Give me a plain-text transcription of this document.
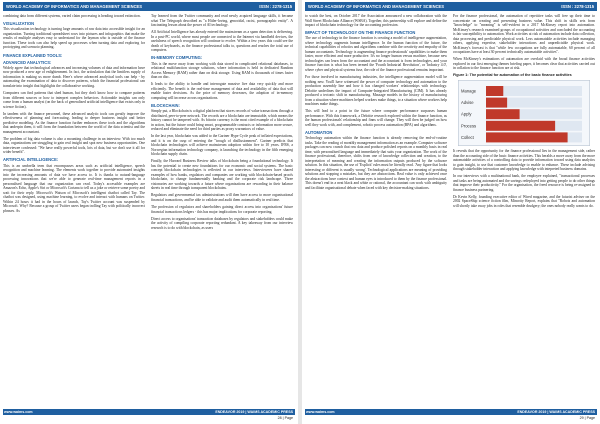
WORLD ACADEMY OF INFORMATICS AND MANAGEMENT SCIENCES	ISSN : 2278-1315

combining data from different systems, varied claim processing is heading toward extinction.

VISUALIZATION

This visualization technology is turning large amounts of raw data into accessible insight for an organization. Turning traditional spreadsheet rows into pictures and infographics that make the results of multiple analyses easy to understand for the layman who is outside of the finance function. These tools can also help speed up processes when turning data and exploring for prototyping and scenario planning.

FINANCE EXPLAINED TOOLS:
ADVANCED ANALYTICS:

Widely agree that technological advances and increasing volumes of data and information have now produced a new age of enlightenment. In fact, the articulation that the limitless supply of information is making us more dumb. Here's where advanced analytical tools can help - by automating the examination of data to discover patterns, which the financial professional can translate into insight that highlights the collaborative working.

Computers can find patterns that shed human, but they don't know how to compare patterns from different sources or how to interpret complex behaviors. Actionable insights can only come from a human analyst (on the back of generalized artificial intelligence that exists only in science fiction).

In tandem with the finance personnel, these advanced analytic tools can greatly improve the effectiveness of planning and forecasting, leading to deeper business insight and better predictive modeling. As the finance function further embraces these tools and the algorithms that underpin them, it will form the foundation between the world of the data scientist and the management accountant.

The problem of big data volume is also a mounting challenge in an interview. With too much data, organizations are struggling to gain real insight and spot new business opportunities. One interviewee confessed: "We have really powerful tools, lots of data, but we don't use it all for wider benefit".

ARTIFICIAL INTELLIGENCE:

This is an umbrella term that encompasses areas such as artificial intelligence, speech recognition and machine learning. The elements work together to provide automated insights into the increasing amounts of data we have access to. It is thanks to natural-language processing innovations that we're able to generate real-time management reports in a personalised language that our organization can read. Today's accessible examples are Amazon's Echo, Apple's Siri or Microsoft's Cortana to tell us a joke or retrieve some poetry and wait for their reply. Microsoft's Watson of Microsoft's intelligent chatbot called Tay. The chatbot was designed, using machine learning, to evolve and interact with humans on Twitter. Within 24 hours it had in the hours of launch, Tay's Twitter account was suspended by Microsoft. Why? Because a group of Twitter users began trolling Tay with politically incorrect phrases. As

Tay learned from the Twitter community and read newly acquired language skills, it became what The Telegraph described as "a Hitler-loving, genocidal, racist, pornographic entity". A fascinating lesson about the power of AI technology.

All Artificial Intelligence has already entered the mainstream as a spam detection is delivering. In a post-PC world, where most people are connected to the Internet via handheld devices, the usefulness of speech recognition will continue to evolve. Within a few years this could see the death of keyboards, as the finance professional talks to, questions and reaches the total use of computers.

IN-MEMORY COMPUTING:

This is the move away from working with data stored in complicated relational databases, to relational multifunction storage solutions, where information is held in dedicated Random Access Memory (RAM) rather than on disk storage. Using RAM is thousands of times faster than on disc.

It leads to the ability to handle and interrogate massive live data very quickly and more efficiently. The benefit is the real-time management of data and availability of data that will enable faster decisions. As the price of memory decreases, the adoption of in-memory computing will increase across organizations.

BLOCKCHAIN:

Simply put, a Blockchain is a digital platform that stores records of value transactions through a distributed, peer-to-peer network. The records are a blockchain are immutable, which means the history cannot be tampered with. As bitcoin currency is the most cited example of a blockchain in action, but the future could bring smart, programmable contracts or information more secure, reduced and eliminate the need for third parties as proxy warrantors of value.

In the last year, blockchain was added to the Gartner Hype Cycle peak of inflated expectations, and it is on the cusp of entering the "trough of disillusionment". Gartner predicts that blockchain technologies will achieve mainstream adoption within five to 10 years. IFRS, a Norwegian information technology company, is launching the technology in the fifth emerging blockchain supply chain.

Finally, the Harvard Business Review talks of blockchain being a foundational technology. It has the potential to create new foundations for our economic and social systems. The basic concept blockchain technologies is reflected in our interviews. Interviewees have shared examples of how banks, regulators and companies are working with blockchain-based proofs blockchain, to change fundamentally banking and the corporate risk landscape. Three visionaries are working towards a future where organizations are rewarding in their balance sheets in real time through transparent blockchains.

Regulators and governmental tax administrations will then have access to more organisational financial transactions, and be able to validate and audit them automatically in real time.

The profession of regulators and shareholders gaining direct access into organisations' future financial transactions ledgers - this has major implications for corporate reporting.

Direct access to organisations' transaction databases by regulators and stakeholders could make the activity of compiling corporate reporting redundant. A key takeaway from our interview research is to do with blockchain, as users

www.waims.com	ENDEAVOR 2019 | WAIMS ACADEMIC PRESS
28 | Page
WORLD ACADEMY OF INFORMATICS AND MANAGEMENT SCIENCES	ISSN : 2278-1315

to watch the best, on October 2017 the Association announced a new collaboration with the Wall Street Blockchain Alliance (WSBA). Together, this partnership will explore and define the impact of blockchain technology for the accounting profession.

IMPACT OF TECHNOLOGY ON THE FINANCE FUNCTION

The use of technology in the finance function is creating a model of intelligence augmentation, where technology augments human intelligence. In the human function of the future, the technical capabilities of robotics and algorithms combine with the creativity and empathy of the human accountants. Technology is augmenting finance professionals' capabilities to make them faster, more efficient and more productive. It's no longer human versus machine, because new technologies can learn from the accountant and the accountant is from technologies, and your finance function is what has been termed the 'Fourth Industrial Revolution', or 'Industry 4.0', where cyber and physical systems fuse, the role of the finance professional remains important.

For those involved in manufacturing industries, the intelligence augmentation model will be nothing new. You'll have witnessed the power of computer technology and automation to the production assembly line and how it has changed workers' relationships with technology. Deloitte underlines the impact of Computer-Integrated Manufacturing (CIM). It has already produced a tectonic shift in manufacturing. Massage models in the history of manufacturing from a situation where machines helped workers make things, to a situation where workers help machines make things.

This will lead to a point in the future where computer performance surpasses human performance. With this framework, a Deloitte research explored within the finance function, as the human professionals' relationship and finns will change. They will then be judged on how well they work with, and complement, robotic process automation (RPA) and algorithms.

AUTOMATION

Technology automation within the finance function is already removing the end-of-routine tasks. Take the reading of monthly management information as an example. Computer software packages can now crunch that raw data and produce polished reports on a monthly basis in real time, with personalised language and immediately that suits your organization. The work of the finance professional, therefore, shifts from one of knowledge collection and creation, to the interpretation of meaning and creating the information outputs produced by the software solution. In this situation, the use of 'Explicit' rules must be literally read. 'Any figure that looks interesting or different is usually wrong'. Technological applications are meaning of providing solutions and stopping a mistakes, but they are abstractions. Real value is only achieved once the abstractions have context and human eyes is introduced to them by the finance professional. This doesn't end in a neat black and white or rational, the accountant can work with ambiguity and facilitate organisational debate when faced with key decision-making situations.

For the finance professional, the automation of repetitive tasks will free up their time to concentrate on creating and presenting business value. This shift in skills sets from "knowledge" to "meaning" is self-evident in a 2017 McKinsey report into automation. McKinsey's research examined groups of occupational activities and concluded the accounting is fair susceptibility to automation. Work activities at risk of automation include data collection, data processing and predictable physical work. Less automatable activities include managing others, applying expertise, stakeholder interactions and unpredictable physical work. McKinsey's forecast is that "while few occupations are fully automatable, 60 percent of all occupations have at least 30 percent technically automatable activities".

When McKinsey's estimations of automation are overlaid with the broad finance activities explored in our first emerging themes briefing paper, it becomes clear that activities carried out in collation to the finance function are at risk.

Figure 1: The potential for automation of the basic finance activities

Manage
Advise
Apply
Process
Collect

It reveals that the opportunity for the finance professional lies in the management side, rather than the accounting side of the basic finance activities. This heralds a move away from the more automatable activities of a controlling data to provide information toward using data analytics to gain insight, to use that customer knowledge to enable to enhance. These include advising through stakeholder interaction and applying knowledge with intepreted business domains.

In our interviews with a multinational bank, the employee explained, "transactional processes and tasks are being automated and the savings redeployed into getting people to do other things that improve their productivity." For the organisation, the freed resource is being re-assigned to finance business partnering.

Dr Kevin Kelly, founding executive editor of Wired magazine, and the futurist adviser on the 2002 SpaceShip science fiction film, Minority Report, explains that "Robots and automation will shortly take away jobs in roles that resemble drudgery; the ones nobody really wants to do.

www.waims.com	ENDEAVOR 2019 | WAIMS ACADEMIC PRESS
29 | Page
